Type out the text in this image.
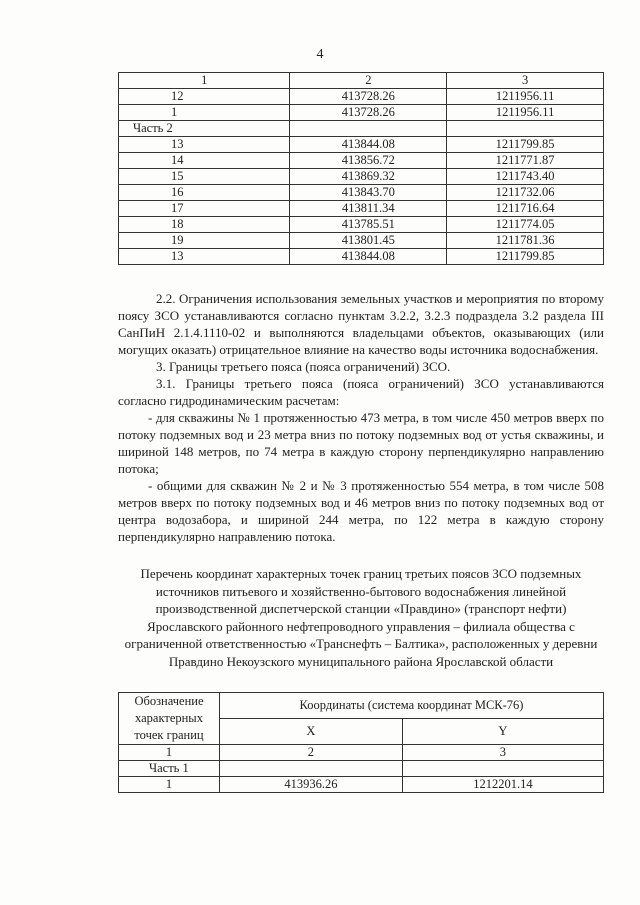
4
1	2	3
12	413728.26	1211956.11
1	413728.26	1211956.11
Часть 2		
13	413844.08	1211799.85
14	413856.72	1211771.87
15	413869.32	1211743.40
16	413843.70	1211732.06
17	413811.34	1211716.64
18	413785.51	1211774.05
19	413801.45	1211781.36
13	413844.08	1211799.85

2.2. Ограничения использования земельных участков и мероприятия по второму поясу ЗСО устанавливаются согласно пунктам 3.2.2, 3.2.3 подраздела 3.2 раздела III СанПиН 2.1.4.1110-02 и выполняются владельцами объектов, оказывающих (или могущих оказать) отрицательное влияние на качество воды источника водоснабжения.

3. Границы третьего пояса (пояса ограничений) ЗСО.

3.1. Границы третьего пояса (пояса ограничений) ЗСО устанавливаются согласно гидродинамическим расчетам:

- для скважины № 1 протяженностью 473 метра, в том числе 450 метров вверх по потоку подземных вод и 23 метра вниз по потоку подземных вод от устья скважины, и шириной 148 метров, по 74 метра в каждую сторону перпендикулярно направлению потока;

- общими для скважин № 2 и № 3 протяженностью 554 метра, в том числе 508 метров вверх по потоку подземных вод и 46 метров вниз по потоку подземных вод от центра водозабора, и шириной 244 метра, по 122 метра в каждую сторону перпендикулярно направлению потока.

Перечень координат характерных точек границ третьих поясов ЗСО подземных источников питьевого и хозяйственно-бытового водоснабжения линейной производственной диспетчерской станции «Правдино» (транспорт нефти) Ярославского районного нефтепроводного управления – филиала общества с ограниченной ответственностью «Транснефть – Балтика», расположенных у деревни Правдино Некоузского муниципального района Ярославской области

Обозначение характерных точек границ	Координаты (система координат МСК-76)	
	X	Y
1	2	3
Часть 1		
1	413936.26	1212201.14
